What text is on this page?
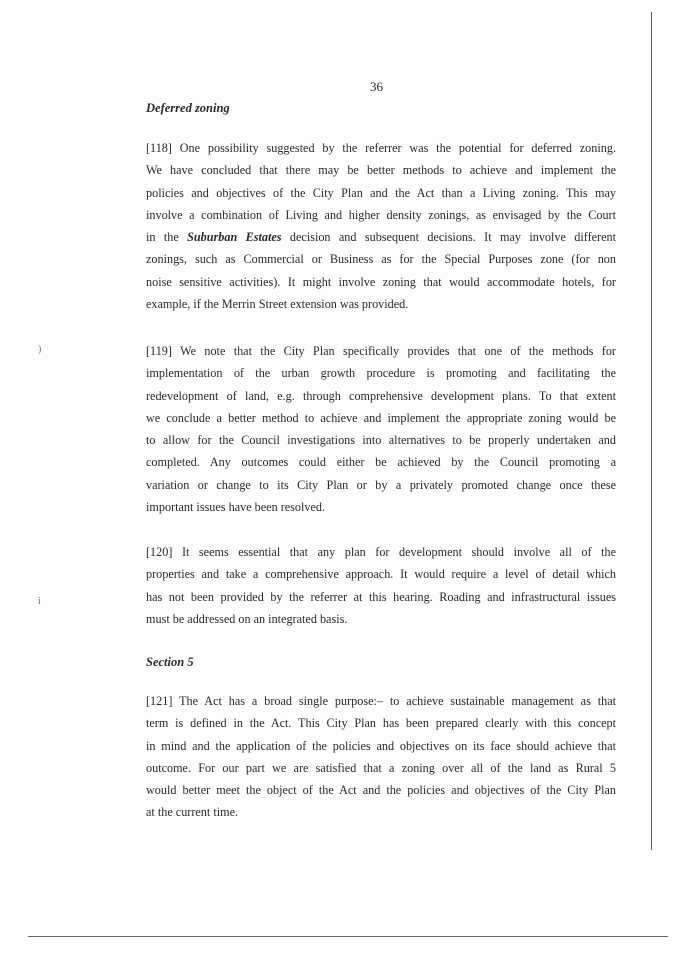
)
i
36
Deferred zoning
[118] One possibility suggested by the referrer was the potential for deferred zoning.
We have concluded that there may be better methods to achieve and implement the
policies and objectives of the City Plan and the Act than a Living zoning. This may
involve a combination of Living and higher density zonings, as envisaged by the Court
in the Suburban Estates decision and subsequent decisions. It may involve different
zonings, such as Commercial or Business as for the Special Purposes zone (for non
noise sensitive activities). It might involve zoning that would accommodate hotels, for
example, if the Merrin Street extension was provided.
[119] We note that the City Plan specifically provides that one of the methods for
implementation of the urban growth procedure is promoting and facilitating the
redevelopment of land, e.g. through comprehensive development plans. To that extent
we conclude a better method to achieve and implement the appropriate zoning would be
to allow for the Council investigations into alternatives to be properly undertaken and
completed. Any outcomes could either be achieved by the Council promoting a
variation or change to its City Plan or by a privately promoted change once these
important issues have been resolved.
[120] It seems essential that any plan for development should involve all of the
properties and take a comprehensive approach. It would require a level of detail which
has not been provided by the referrer at this hearing. Roading and infrastructural issues
must be addressed on an integrated basis.
Section 5
[121] The Act has a broad single purpose:– to achieve sustainable management as that
term is defined in the Act. This City Plan has been prepared clearly with this concept
in mind and the application of the policies and objectives on its face should achieve that
outcome. For our part we are satisfied that a zoning over all of the land as Rural 5
would better meet the object of the Act and the policies and objectives of the City Plan
at the current time.
